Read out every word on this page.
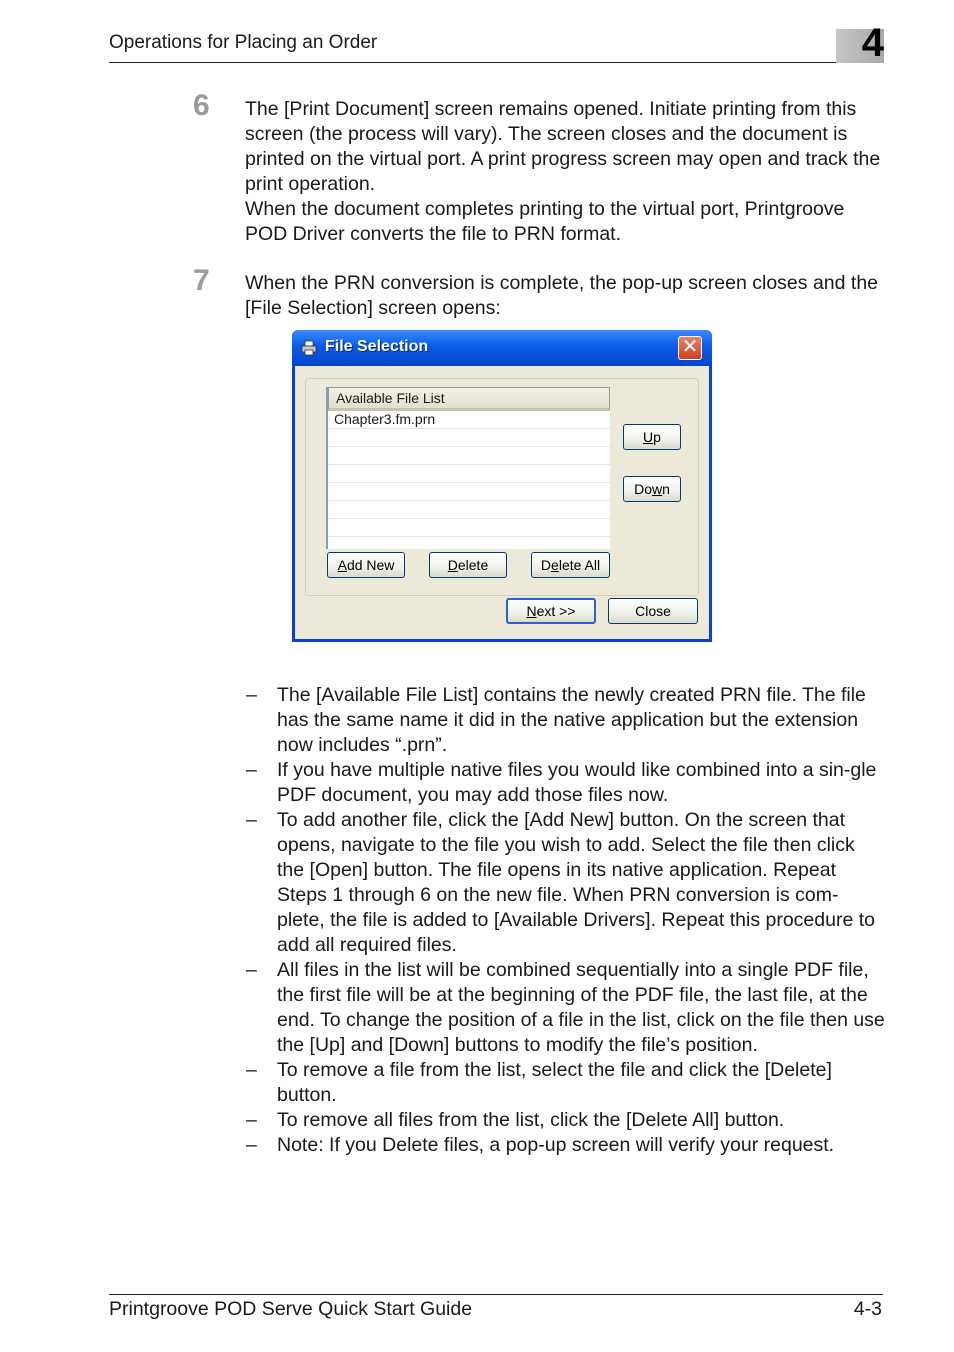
Operations for Placing an Order	4
6 The [Print Document] screen remains opened. Initiate printing from this screen (the process will vary). The screen closes and the document is printed on the virtual port. A print progress screen may open and track the print operation.
When the document completes printing to the virtual port, Printgroove POD Driver converts the file to PRN format.
7 When the PRN conversion is complete, the pop-up screen closes and the [File Selection] screen opens:
File Selection	✕
Available File List
Chapter3.fm.prn
Up
Down
Add New	Delete	Delete All
Next >>	Close
– The [Available File List] contains the newly created PRN file. The file has the same name it did in the native application but the extension now includes “.prn”.
– If you have multiple native files you would like combined into a sin-gle PDF document, you may add those files now.
– To add another file, click the [Add New] button. On the screen that opens, navigate to the file you wish to add. Select the file then click the [Open] button. The file opens in its native application. Repeat Steps 1 through 6 on the new file. When PRN conversion is com-plete, the file is added to [Available Drivers]. Repeat this procedure to add all required files.
– All files in the list will be combined sequentially into a single PDF file, the first file will be at the beginning of the PDF file, the last file, at the end. To change the position of a file in the list, click on the file then use the [Up] and [Down] buttons to modify the file’s position.
– To remove a file from the list, select the file and click the [Delete] button.
– To remove all files from the list, click the [Delete All] button.
– Note: If you Delete files, a pop-up screen will verify your request.
Printgroove POD Serve Quick Start Guide	4-3
